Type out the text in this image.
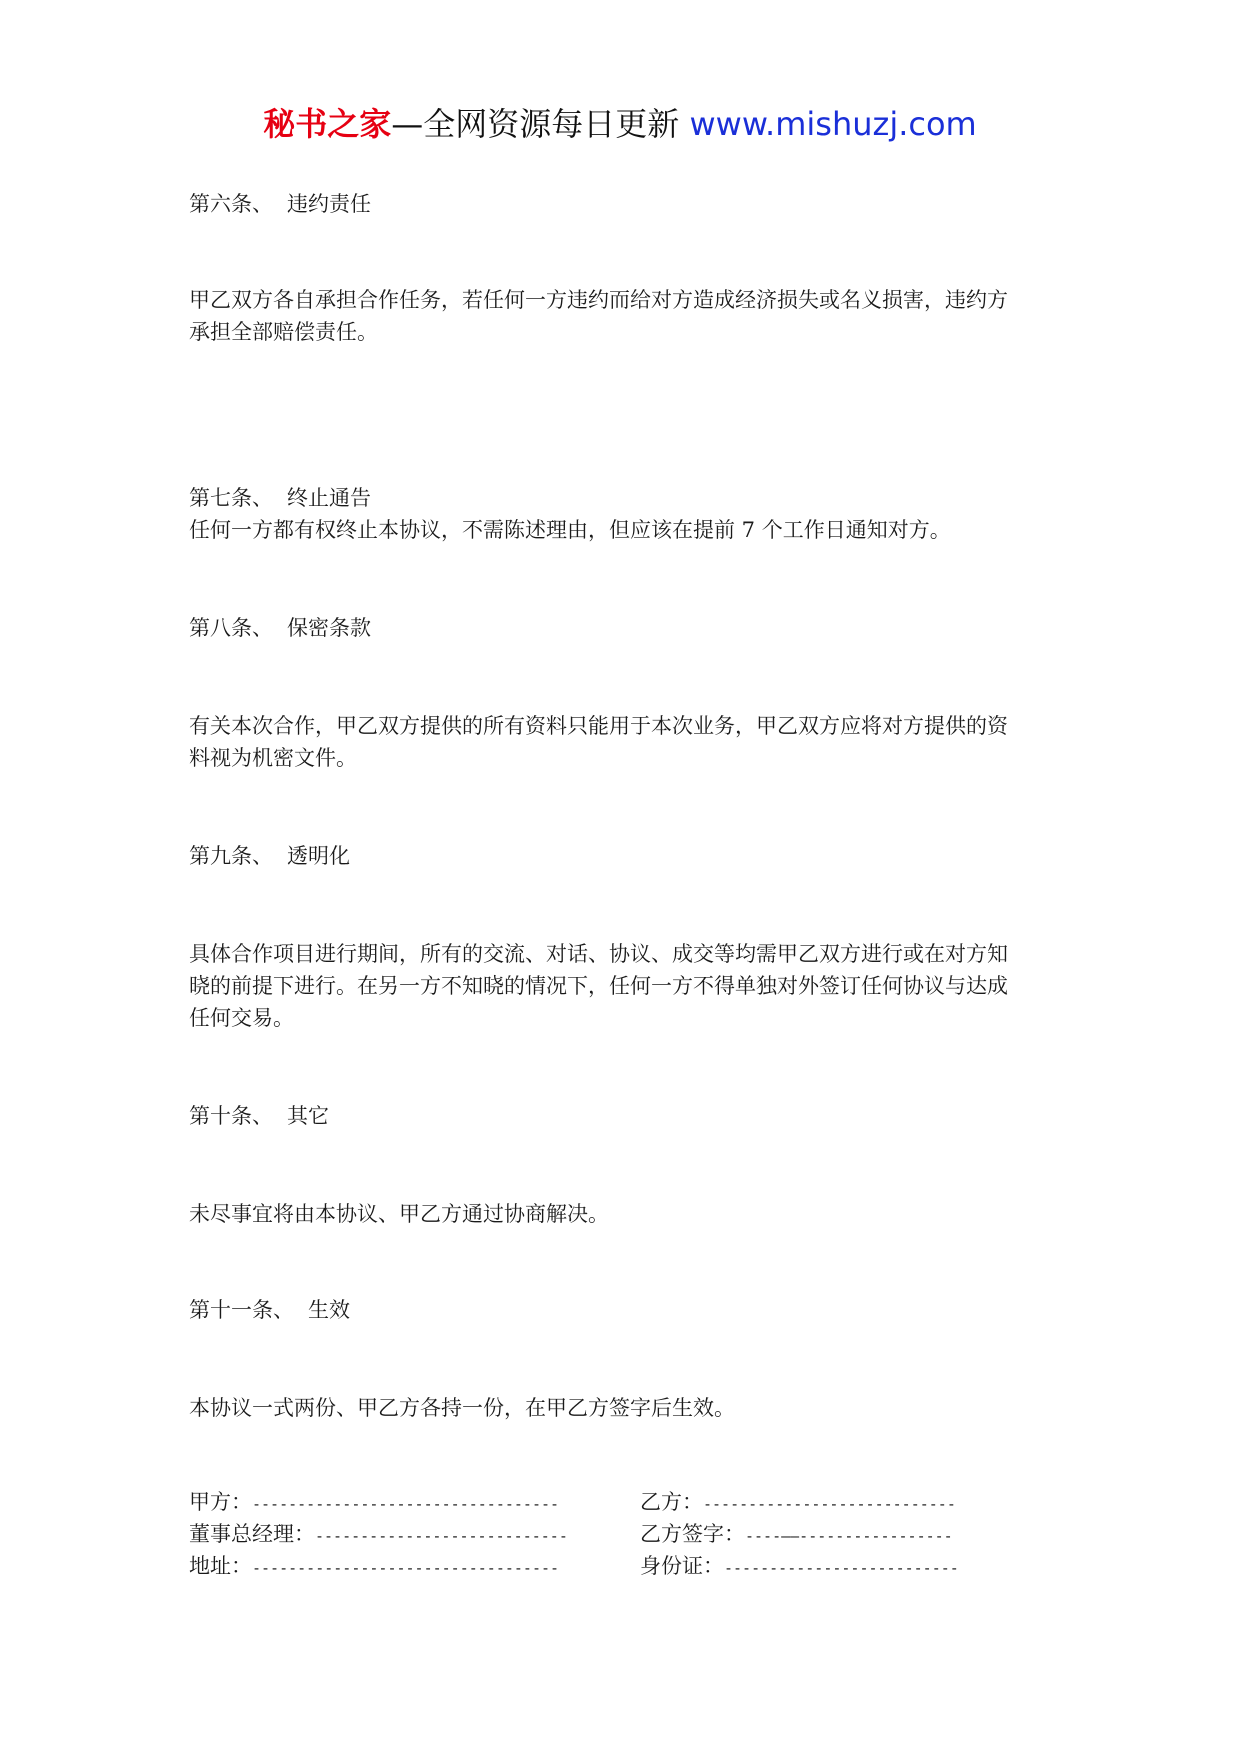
秘书之家—全网资源每日更新 www.mishuzj.com
第六条、 违约责任
甲乙双方各自承担合作任务，若任何一方违约而给对方造成经济损失或名义损害，违约方
承担全部赔偿责任。
第七条、 终止通告
任何一方都有权终止本协议，不需陈述理由，但应该在提前 7 个工作日通知对方。
第八条、 保密条款
有关本次合作，甲乙双方提供的所有资料只能用于本次业务，甲乙双方应将对方提供的资
料视为机密文件。
第九条、 透明化
具体合作项目进行期间，所有的交流、对话、协议、成交等均需甲乙双方进行或在对方知
晓的前提下进行。在另一方不知晓的情况下，任何一方不得单独对外签订任何协议与达成
任何交易。
第十条、 其它
未尽事宜将由本协议、甲乙方通过协商解决。
第十一条、 生效
本协议一式两份、甲乙方各持一份，在甲乙方签字后生效。
甲方：----------------------------------	乙方：----------------------------
董事总经理：----------------------------	乙方签字：----——-----------------
地址：----------------------------------	身份证：--------------------------
